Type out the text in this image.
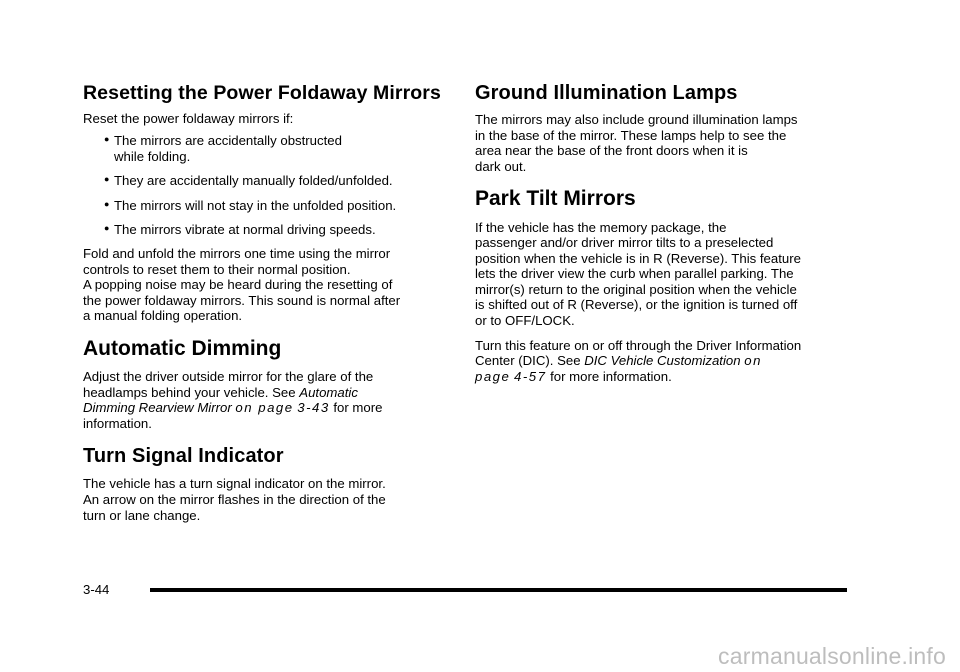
Resetting the Power Foldaway Mirrors

Reset the power foldaway mirrors if:

● The mirrors are accidentally obstructed
while folding.
● They are accidentally manually folded/unfolded.
● The mirrors will not stay in the unfolded position.
● The mirrors vibrate at normal driving speeds.

Fold and unfold the mirrors one time using the mirror
controls to reset them to their normal position.
A popping noise may be heard during the resetting of
the power foldaway mirrors. This sound is normal after
a manual folding operation.

Automatic Dimming

Adjust the driver outside mirror for the glare of the
headlamps behind your vehicle. See Automatic
Dimming Rearview Mirror on page 3-43 for more
information.

Turn Signal Indicator

The vehicle has a turn signal indicator on the mirror.
An arrow on the mirror flashes in the direction of the
turn or lane change.

Ground Illumination Lamps

The mirrors may also include ground illumination lamps
in the base of the mirror. These lamps help to see the
area near the base of the front doors when it is
dark out.

Park Tilt Mirrors

If the vehicle has the memory package, the
passenger and/or driver mirror tilts to a preselected
position when the vehicle is in R (Reverse). This feature
lets the driver view the curb when parallel parking. The
mirror(s) return to the original position when the vehicle
is shifted out of R (Reverse), or the ignition is turned off
or to OFF/LOCK.

Turn this feature on or off through the Driver Information
Center (DIC). See DIC Vehicle Customization on
page 4-57 for more information.

3-44
carmanualsonline.info
